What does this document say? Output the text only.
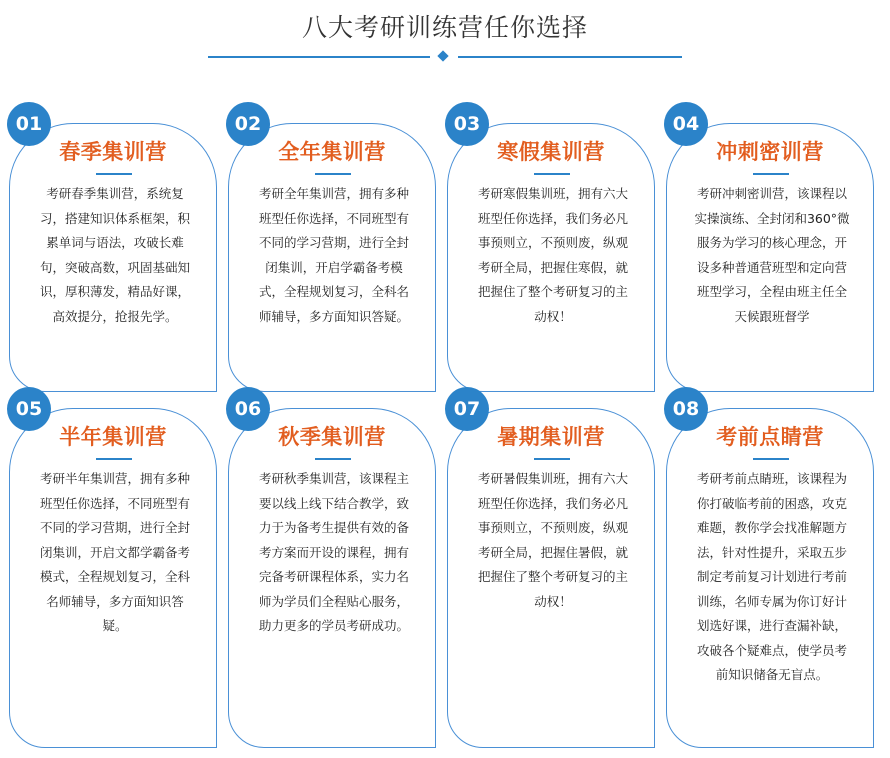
八大考研训练营任你选择
春季集训营
考研春季集训营，系统复习，搭建知识体系框架，积累单词与语法，攻破长难句，突破高数，巩固基础知识，厚积薄发，精品好课，高效提分，抢报先学。
全年集训营
考研全年集训营，拥有多种班型任你选择，不同班型有不同的学习营期，进行全封闭集训，开启学霸备考模式，全程规划复习，全科名师辅导，多方面知识答疑。
寒假集训营
考研寒假集训班，拥有六大班型任你选择，我们务必凡事预则立，不预则废，纵观考研全局，把握住寒假，就把握住了整个考研复习的主动权！
冲刺密训营
考研冲刺密训营，该课程以实操演练、全封闭和360°微服务为学习的核心理念，开设多种普通营班型和定向营班型学习，全程由班主任全天候跟班督学
半年集训营
考研半年集训营，拥有多种班型任你选择，不同班型有不同的学习营期，进行全封闭集训，开启文都学霸备考模式，全程规划复习，全科名师辅导，多方面知识答疑。
秋季集训营
考研秋季集训营，该课程主要以线上线下结合教学，致力于为备考生提供有效的备考方案而开设的课程，拥有完备考研课程体系，实力名师为学员们全程贴心服务，助力更多的学员考研成功。
暑期集训营
考研暑假集训班，拥有六大班型任你选择，我们务必凡事预则立，不预则废，纵观考研全局，把握住暑假，就把握住了整个考研复习的主动权！
考前点睛营
考研考前点睛班，该课程为你打破临考前的困惑，攻克难题，教你学会找准解题方法，针对性提升，采取五步制定考前复习计划进行考前训练，名师专属为你订好计划选好课，进行查漏补缺，攻破各个疑难点，使学员考前知识储备无盲点。
01	02	03	04
05	06	07	08
